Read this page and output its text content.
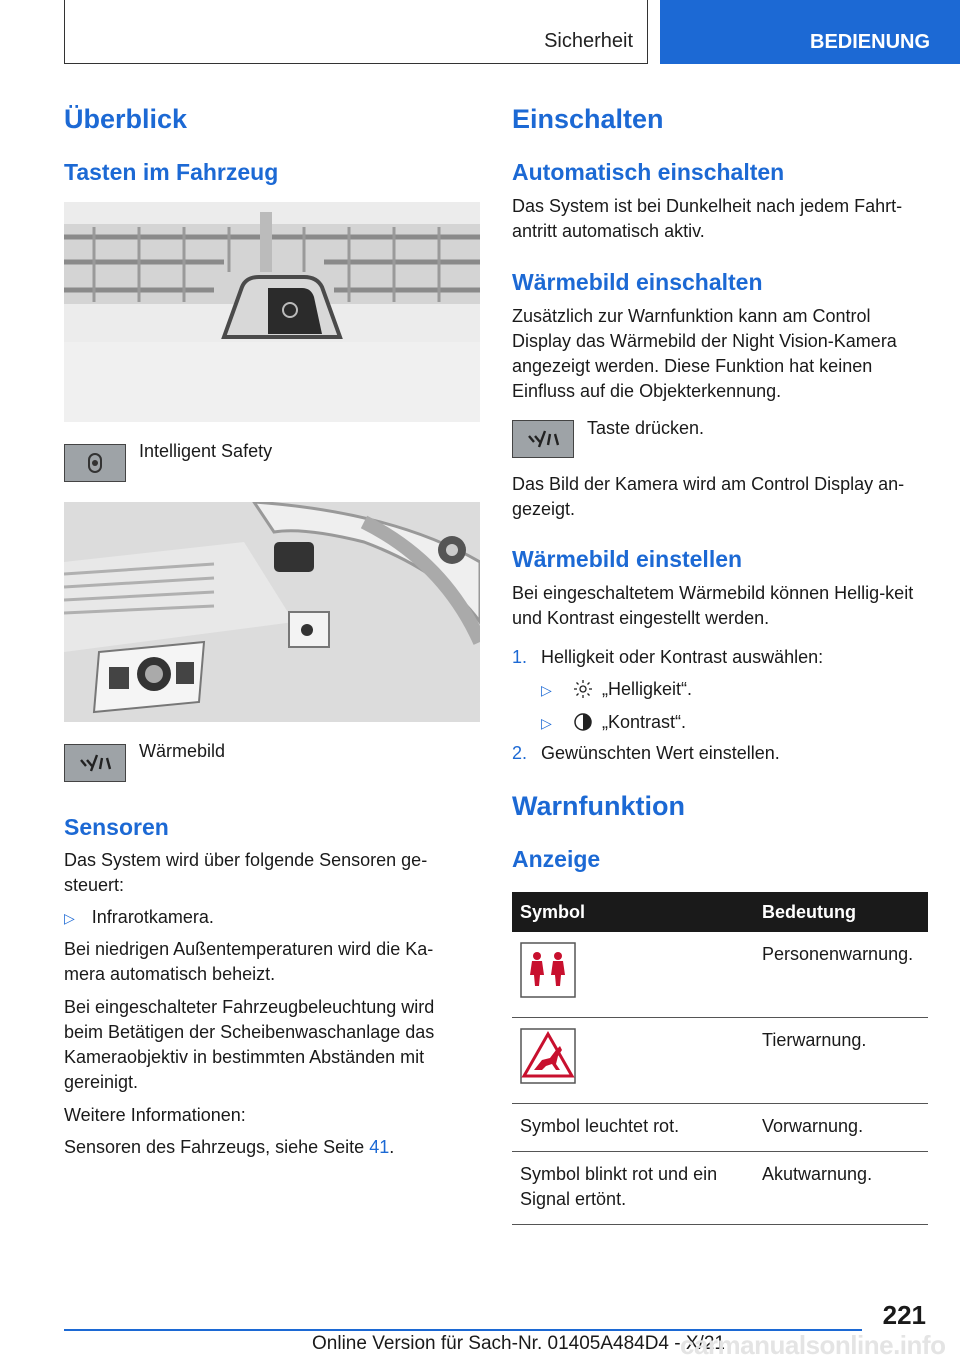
Sicherheit	BEDIENUNG
Überblick
Tasten im Fahrzeug
Intelligent Safety
Wärmebild
Sensoren

Das System wird über folgende Sensoren ge‐steuert:

▷ Infrarotkamera.

Bei niedrigen Außentemperaturen wird die Ka‐mera automatisch beheizt.

Bei eingeschalteter Fahrzeugbeleuchtung wird beim Betätigen der Scheibenwaschanlage das Kameraobjektiv in bestimmten Abständen mit gereinigt.

Weitere Informationen:

Sensoren des Fahrzeugs, siehe Seite 41.

Einschalten
Automatisch einschalten

Das System ist bei Dunkelheit nach jedem Fahrt‐antritt automatisch aktiv.

Wärmebild einschalten

Zusätzlich zur Warnfunktion kann am Control Display das Wärmebild der Night Vision-Kamera angezeigt werden. Diese Funktion hat keinen Einfluss auf die Objekterkennung.

Taste drücken.

Das Bild der Kamera wird am Control Display an‐gezeigt.

Wärmebild einstellen

Bei eingeschaltetem Wärmebild können Hellig‐keit und Kontrast eingestellt werden.

1. Helligkeit oder Kontrast auswählen:
▷	„Helligkeit“.
▷	„Kontrast“.
2. Gewünschten Wert einstellen.
Warnfunktion
Anzeige
Symbol	Bedeutung
	Personenwarnung.
	Tierwarnung.
Symbol leuchtet rot.	Vorwarnung.
Symbol blinkt rot und ein Signal ertönt.	Akutwarnung.
221
Online Version für Sach-Nr. 01405A484D4 - X/21
carmanualsonline.info
